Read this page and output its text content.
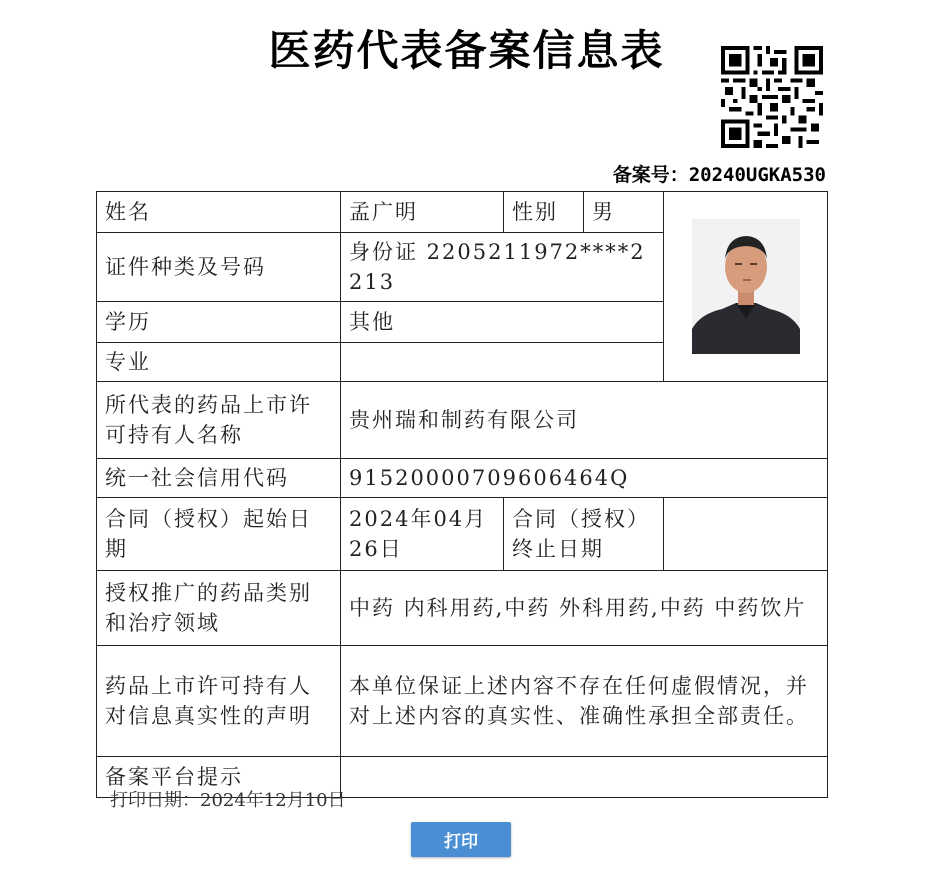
医药代表备案信息表
备案号：20240UGKA530
姓名	孟广明	性别	男	

证件种类及号码	身份证 2205211972****2213			
学历	其他			
专业				
所代表的药品上市许可持有人名称	贵州瑞和制药有限公司			
统一社会信用代码	91520000709606464Q			
合同（授权）起始日期	2024年04月26日	合同（授权）终止日期		
授权推广的药品类别和治疗领域	中药 内科用药,中药 外科用药,中药 中药饮片			
药品上市许可持有人对信息真实性的声明	本单位保证上述内容不存在任何虚假情况，并对上述内容的真实性、准确性承担全部责任。			
备案平台提示				
打印日期：2024年12月10日
打印
